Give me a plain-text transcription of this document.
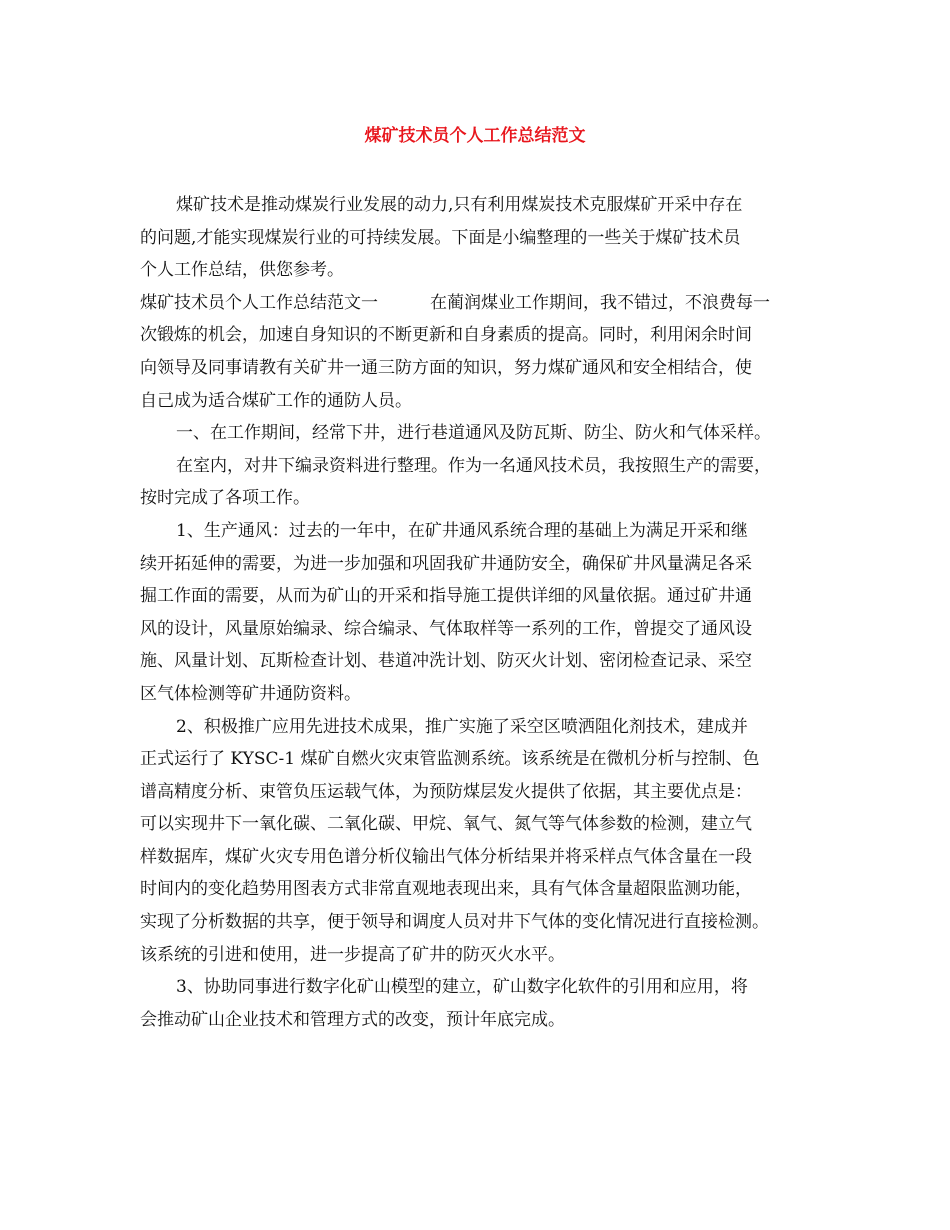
煤矿技术员个人工作总结范文
煤矿技术是推动煤炭行业发展的动力,只有利用煤炭技术克服煤矿开采中存在
的问题,才能实现煤炭行业的可持续发展。下面是小编整理的一些关于煤矿技术员
个人工作总结，供您参考。
煤矿技术员个人工作总结范文一	在蔺润煤业工作期间，我不错过，不浪费每一
次锻炼的机会，加速自身知识的不断更新和自身素质的提高。同时，利用闲余时间
向领导及同事请教有关矿井一通三防方面的知识，努力煤矿通风和安全相结合，使
自己成为适合煤矿工作的通防人员。
一、在工作期间，经常下井，进行巷道通风及防瓦斯、防尘、防火和气体采样。
在室内，对井下编录资料进行整理。作为一名通风技术员，我按照生产的需要，
按时完成了各项工作。
1、生产通风：过去的一年中，在矿井通风系统合理的基础上为满足开采和继
续开拓延伸的需要，为进一步加强和巩固我矿井通防安全，确保矿井风量满足各采
掘工作面的需要，从而为矿山的开采和指导施工提供详细的风量依据。通过矿井通
风的设计，风量原始编录、综合编录、气体取样等一系列的工作，曾提交了通风设
施、风量计划、瓦斯检查计划、巷道冲洗计划、防灭火计划、密闭检查记录、采空
区气体检测等矿井通防资料。
2、积极推广应用先进技术成果，推广实施了采空区喷洒阻化剂技术，建成并
正式运行了 KYSC-1 煤矿自燃火灾束管监测系统。该系统是在微机分析与控制、色
谱高精度分析、束管负压运载气体，为预防煤层发火提供了依据，其主要优点是：
可以实现井下一氧化碳、二氧化碳、甲烷、氧气、氮气等气体参数的检测，建立气
样数据库，煤矿火灾专用色谱分析仪输出气体分析结果并将采样点气体含量在一段
时间内的变化趋势用图表方式非常直观地表现出来，具有气体含量超限监测功能，
实现了分析数据的共享，便于领导和调度人员对井下气体的变化情况进行直接检测。
该系统的引进和使用，进一步提高了矿井的防灭火水平。
3、协助同事进行数字化矿山模型的建立，矿山数字化软件的引用和应用，将
会推动矿山企业技术和管理方式的改变，预计年底完成。
